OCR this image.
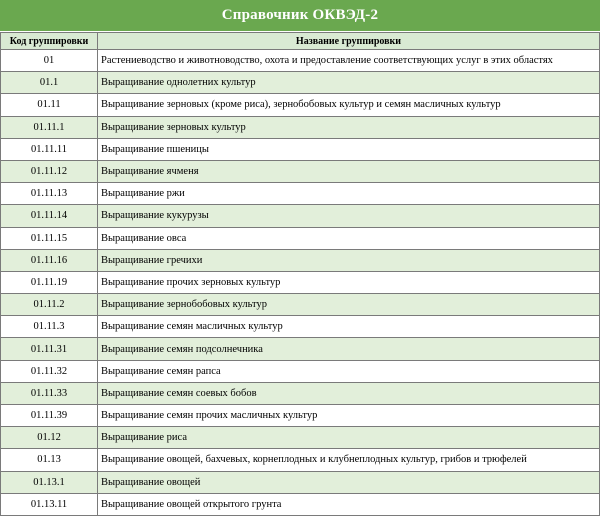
Справочник ОКВЭД-2
Код группировки	Название группировки
01	Растениеводство и животноводство, охота и предоставление соответствующих услуг в этих областях
01.1	Выращивание однолетних культур
01.11	Выращивание зерновых (кроме риса), зернобобовых культур и семян масличных культур
01.11.1	Выращивание зерновых культур
01.11.11	Выращивание пшеницы
01.11.12	Выращивание ячменя
01.11.13	Выращивание ржи
01.11.14	Выращивание кукурузы
01.11.15	Выращивание овса
01.11.16	Выращивание гречихи
01.11.19	Выращивание прочих зерновых культур
01.11.2	Выращивание зернобобовых культур
01.11.3	Выращивание семян масличных культур
01.11.31	Выращивание семян подсолнечника
01.11.32	Выращивание семян рапса
01.11.33	Выращивание семян соевых бобов
01.11.39	Выращивание семян прочих масличных культур
01.12	Выращивание риса
01.13	Выращивание овощей, бахчевых, корнеплодных и клубнеплодных культур, грибов и трюфелей
01.13.1	Выращивание овощей
01.13.11	Выращивание овощей открытого грунта
